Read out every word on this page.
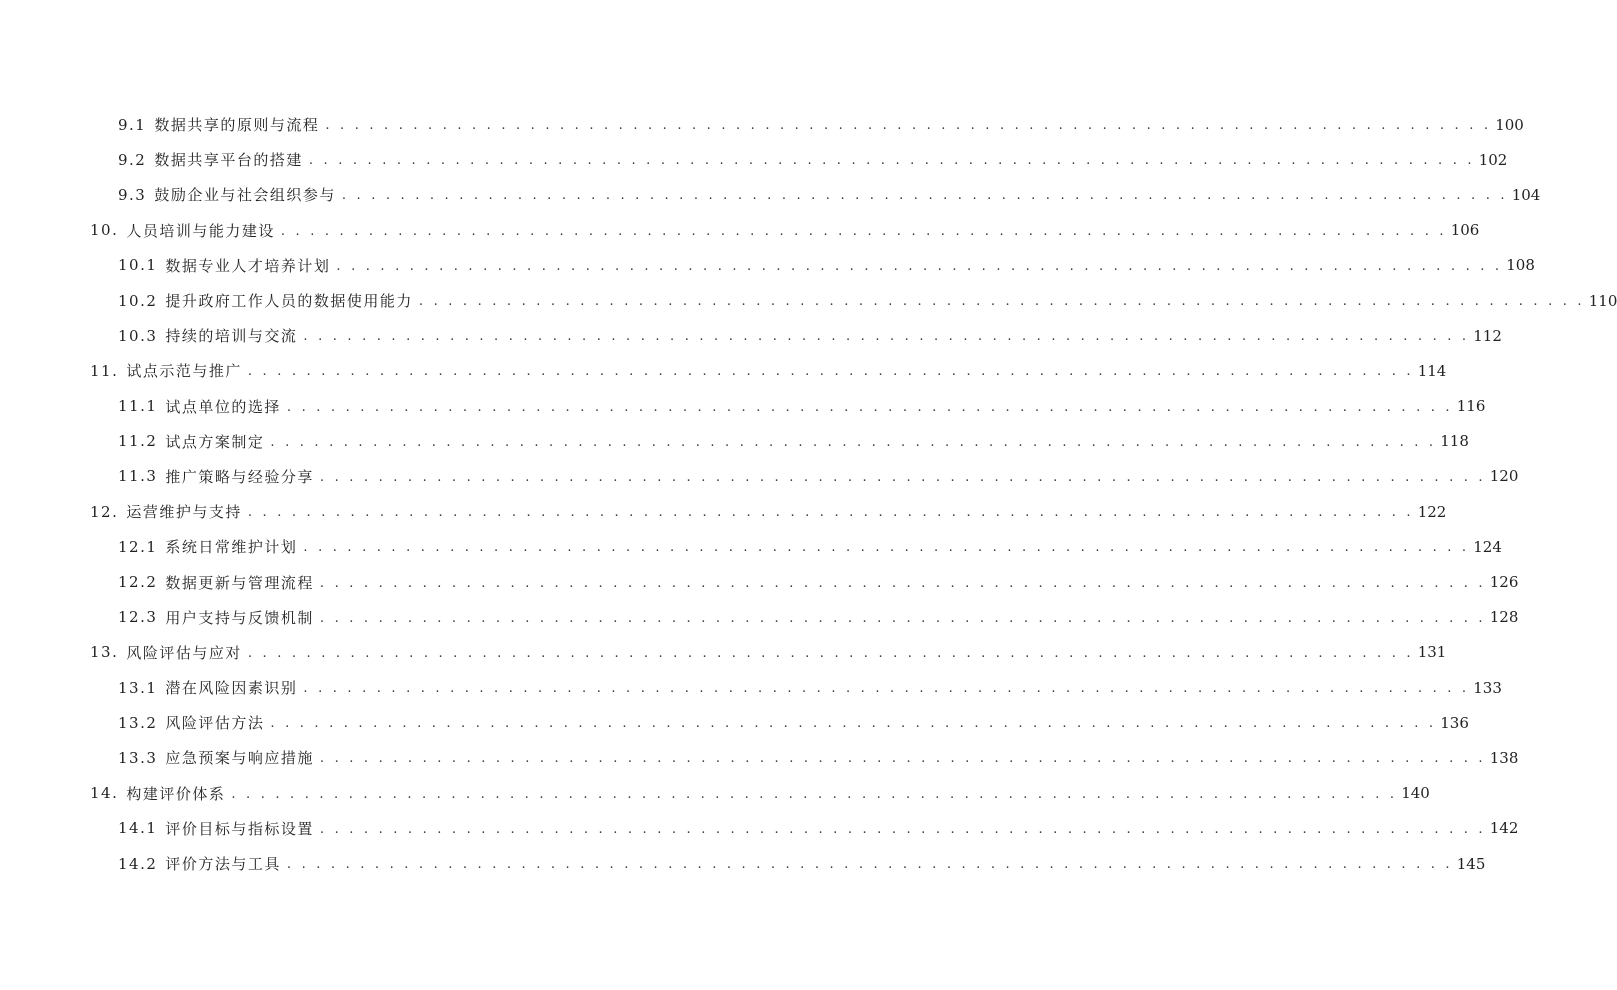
9.1 数据共享的原则与流程 . . . . . . . . . . . . . . . . . . . . . . . . . . . . . . . . . . . . . . . . . . . . . . . . . . . . . . . . . . . . . . . . . . . . . . . . . . . . . . . . 100
9.2 数据共享平台的搭建 . . . . . . . . . . . . . . . . . . . . . . . . . . . . . . . . . . . . . . . . . . . . . . . . . . . . . . . . . . . . . . . . . . . . . . . . . . . . . . . . 102
9.3 鼓励企业与社会组织参与 . . . . . . . . . . . . . . . . . . . . . . . . . . . . . . . . . . . . . . . . . . . . . . . . . . . . . . . . . . . . . . . . . . . . . . . . . . . . . . . . 104
10. 人员培训与能力建设 . . . . . . . . . . . . . . . . . . . . . . . . . . . . . . . . . . . . . . . . . . . . . . . . . . . . . . . . . . . . . . . . . . . . . . . . . . . . . . . . 106
10.1 数据专业人才培养计划 . . . . . . . . . . . . . . . . . . . . . . . . . . . . . . . . . . . . . . . . . . . . . . . . . . . . . . . . . . . . . . . . . . . . . . . . . . . . . . . . 108
10.2 提升政府工作人员的数据使用能力 . . . . . . . . . . . . . . . . . . . . . . . . . . . . . . . . . . . . . . . . . . . . . . . . . . . . . . . . . . . . . . . . . . . . . . . . . . . . . . . . 110
10.3 持续的培训与交流 . . . . . . . . . . . . . . . . . . . . . . . . . . . . . . . . . . . . . . . . . . . . . . . . . . . . . . . . . . . . . . . . . . . . . . . . . . . . . . . . 112
11. 试点示范与推广 . . . . . . . . . . . . . . . . . . . . . . . . . . . . . . . . . . . . . . . . . . . . . . . . . . . . . . . . . . . . . . . . . . . . . . . . . . . . . . . . 114
11.1 试点单位的选择 . . . . . . . . . . . . . . . . . . . . . . . . . . . . . . . . . . . . . . . . . . . . . . . . . . . . . . . . . . . . . . . . . . . . . . . . . . . . . . . . 116
11.2 试点方案制定 . . . . . . . . . . . . . . . . . . . . . . . . . . . . . . . . . . . . . . . . . . . . . . . . . . . . . . . . . . . . . . . . . . . . . . . . . . . . . . . . 118
11.3 推广策略与经验分享 . . . . . . . . . . . . . . . . . . . . . . . . . . . . . . . . . . . . . . . . . . . . . . . . . . . . . . . . . . . . . . . . . . . . . . . . . . . . . . . . 120
12. 运营维护与支持 . . . . . . . . . . . . . . . . . . . . . . . . . . . . . . . . . . . . . . . . . . . . . . . . . . . . . . . . . . . . . . . . . . . . . . . . . . . . . . . . 122
12.1 系统日常维护计划 . . . . . . . . . . . . . . . . . . . . . . . . . . . . . . . . . . . . . . . . . . . . . . . . . . . . . . . . . . . . . . . . . . . . . . . . . . . . . . . . 124
12.2 数据更新与管理流程 . . . . . . . . . . . . . . . . . . . . . . . . . . . . . . . . . . . . . . . . . . . . . . . . . . . . . . . . . . . . . . . . . . . . . . . . . . . . . . . . 126
12.3 用户支持与反馈机制 . . . . . . . . . . . . . . . . . . . . . . . . . . . . . . . . . . . . . . . . . . . . . . . . . . . . . . . . . . . . . . . . . . . . . . . . . . . . . . . . 128
13. 风险评估与应对 . . . . . . . . . . . . . . . . . . . . . . . . . . . . . . . . . . . . . . . . . . . . . . . . . . . . . . . . . . . . . . . . . . . . . . . . . . . . . . . . 131
13.1 潜在风险因素识别 . . . . . . . . . . . . . . . . . . . . . . . . . . . . . . . . . . . . . . . . . . . . . . . . . . . . . . . . . . . . . . . . . . . . . . . . . . . . . . . . 133
13.2 风险评估方法 . . . . . . . . . . . . . . . . . . . . . . . . . . . . . . . . . . . . . . . . . . . . . . . . . . . . . . . . . . . . . . . . . . . . . . . . . . . . . . . . 136
13.3 应急预案与响应措施 . . . . . . . . . . . . . . . . . . . . . . . . . . . . . . . . . . . . . . . . . . . . . . . . . . . . . . . . . . . . . . . . . . . . . . . . . . . . . . . . 138
14. 构建评价体系 . . . . . . . . . . . . . . . . . . . . . . . . . . . . . . . . . . . . . . . . . . . . . . . . . . . . . . . . . . . . . . . . . . . . . . . . . . . . . . . . 140
14.1 评价目标与指标设置 . . . . . . . . . . . . . . . . . . . . . . . . . . . . . . . . . . . . . . . . . . . . . . . . . . . . . . . . . . . . . . . . . . . . . . . . . . . . . . . . 142
14.2 评价方法与工具 . . . . . . . . . . . . . . . . . . . . . . . . . . . . . . . . . . . . . . . . . . . . . . . . . . . . . . . . . . . . . . . . . . . . . . . . . . . . . . . . 145
